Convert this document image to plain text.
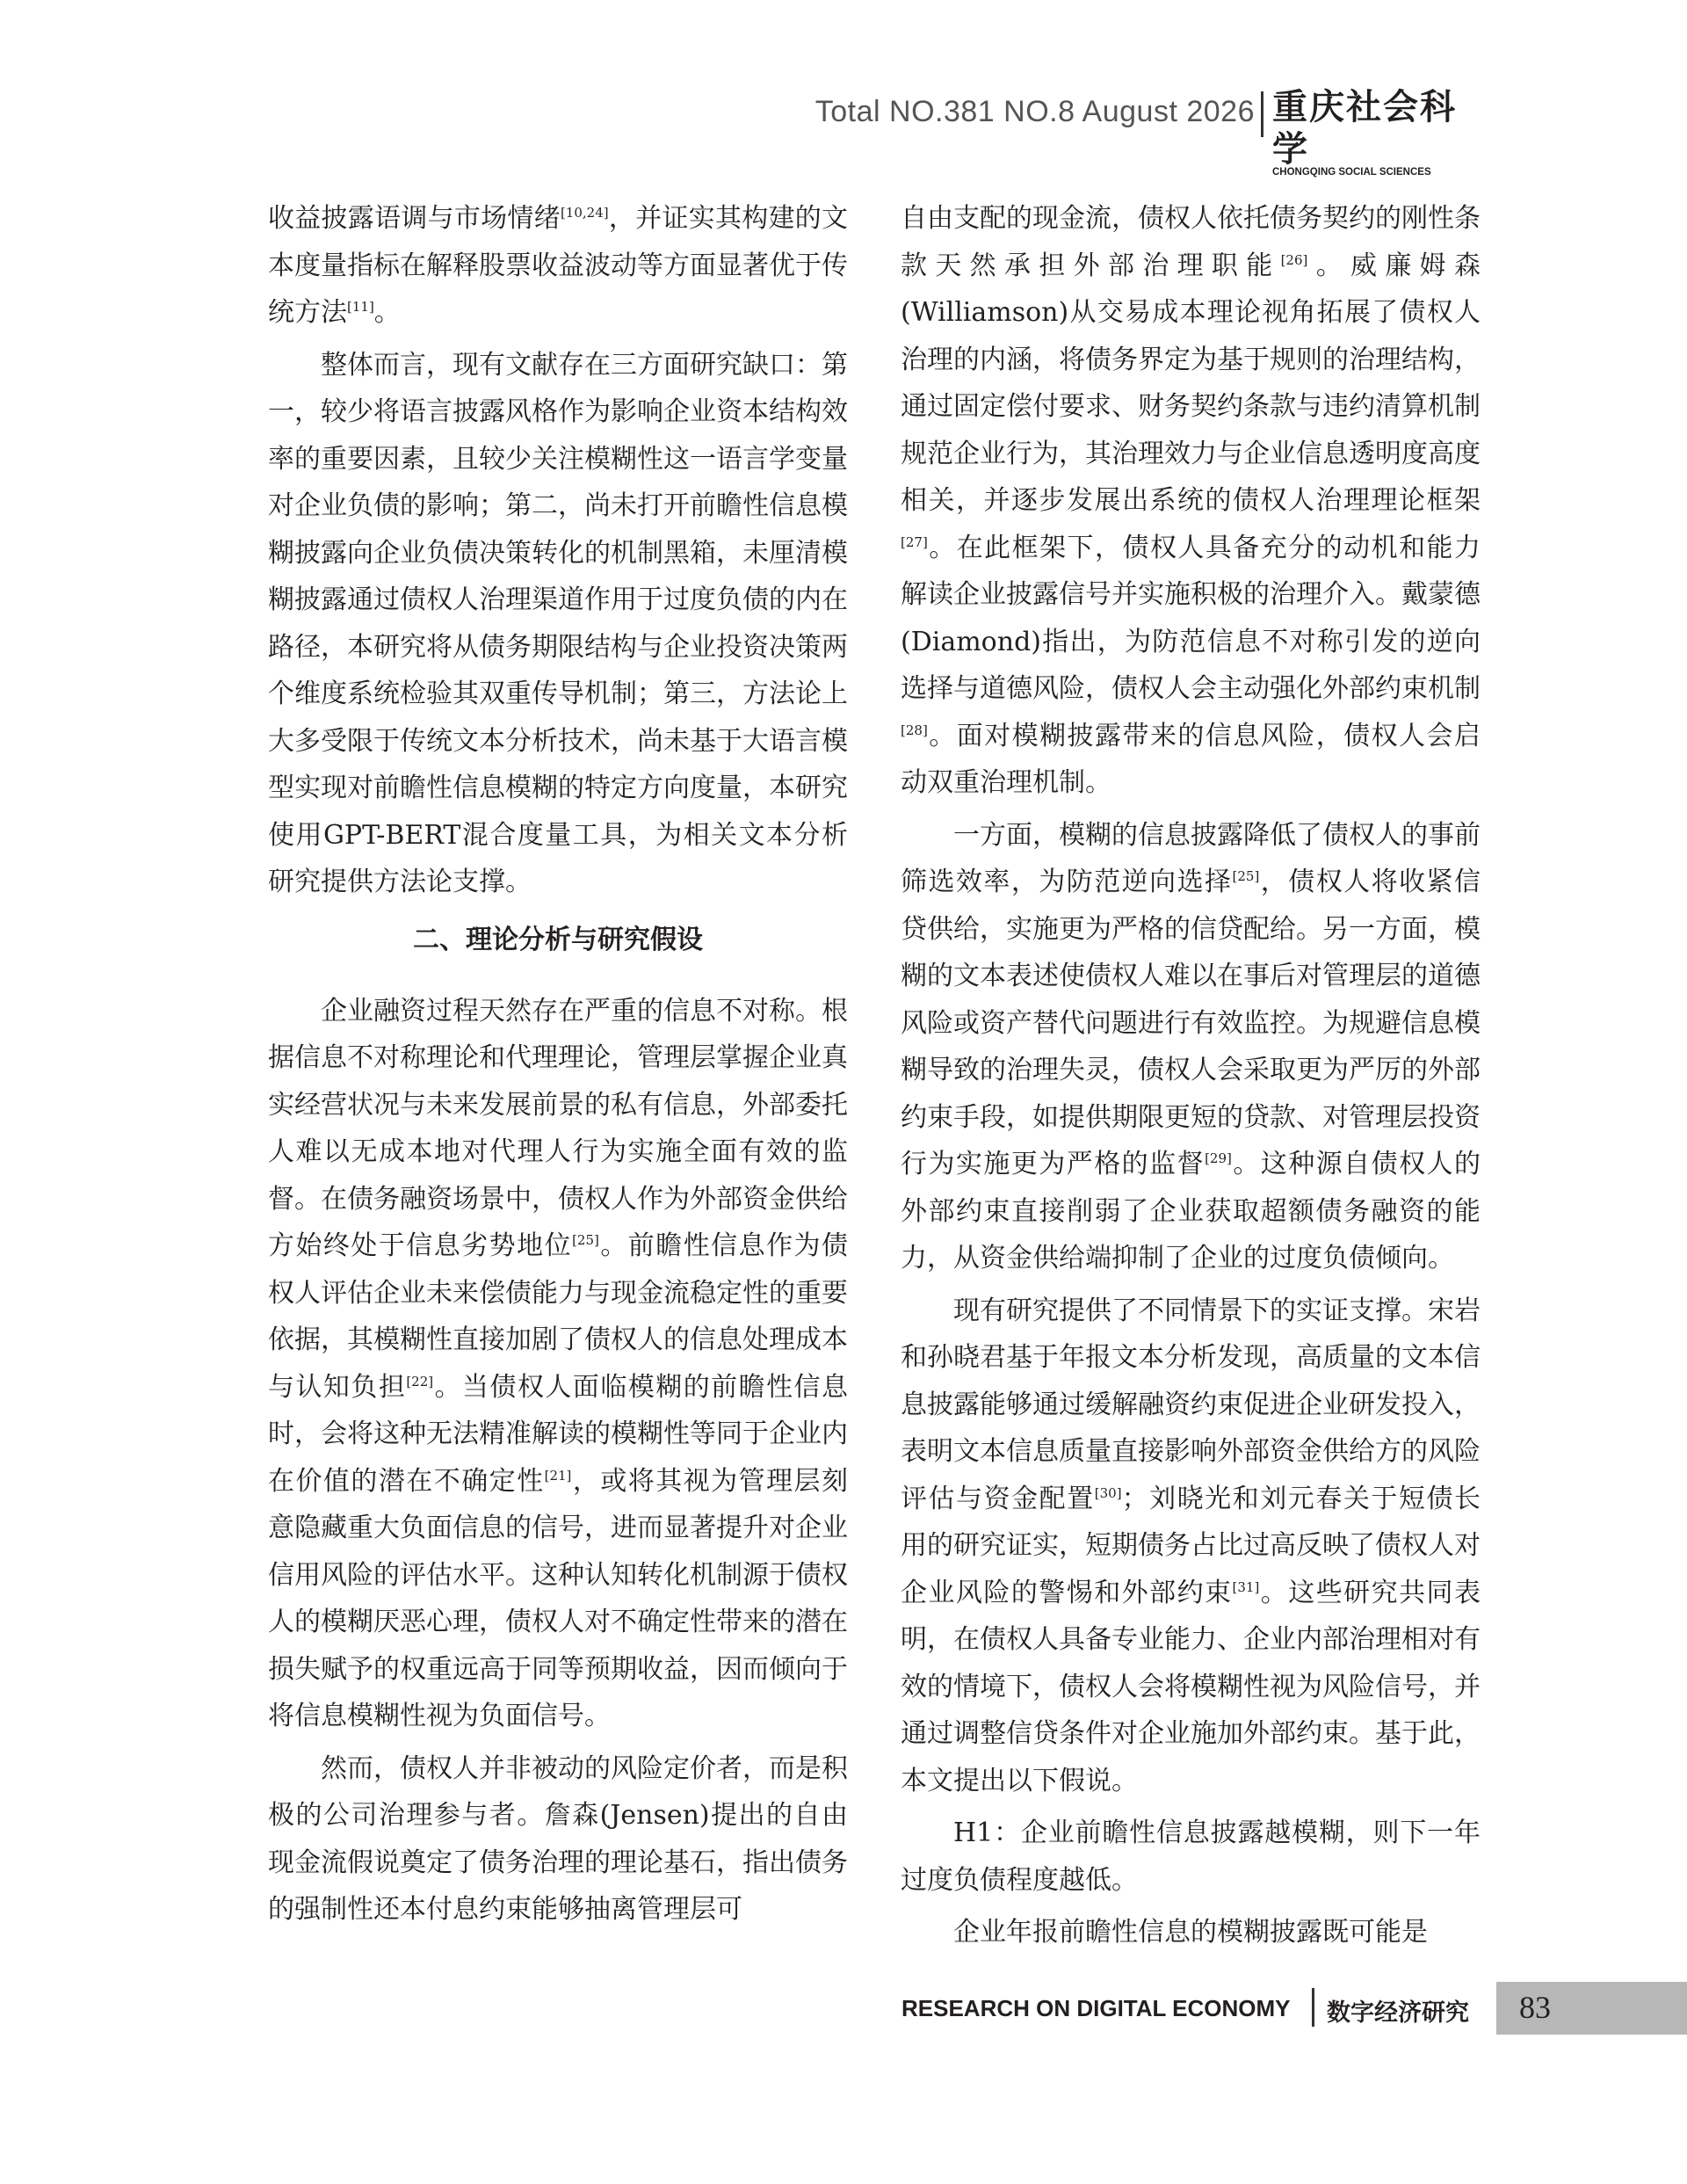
Total NO.381 NO.8 August 2026 重庆社会科学
CHONGQING SOCIAL SCIENCES

收益披露语调与市场情绪[10,24]，并证实其构建的文本度量指标在解释股票收益波动等方面显著优于传统方法[11]。

整体而言，现有文献存在三方面研究缺口：第一，较少将语言披露风格作为影响企业资本结构效率的重要因素，且较少关注模糊性这一语言学变量对企业负债的影响；第二，尚未打开前瞻性信息模糊披露向企业负债决策转化的机制黑箱，未厘清模糊披露通过债权人治理渠道作用于过度负债的内在路径，本研究将从债务期限结构与企业投资决策两个维度系统检验其双重传导机制；第三，方法论上大多受限于传统文本分析技术，尚未基于大语言模型实现对前瞻性信息模糊的特定方向度量，本研究使用GPT-BERT混合度量工具，为相关文本分析研究提供方法论支撑。

二、理论分析与研究假设

企业融资过程天然存在严重的信息不对称。根据信息不对称理论和代理理论，管理层掌握企业真实经营状况与未来发展前景的私有信息，外部委托人难以无成本地对代理人行为实施全面有效的监督。在债务融资场景中，债权人作为外部资金供给方始终处于信息劣势地位[25]。前瞻性信息作为债权人评估企业未来偿债能力与现金流稳定性的重要依据，其模糊性直接加剧了债权人的信息处理成本与认知负担[22]。当债权人面临模糊的前瞻性信息时，会将这种无法精准解读的模糊性等同于企业内在价值的潜在不确定性[21]，或将其视为管理层刻意隐藏重大负面信息的信号，进而显著提升对企业信用风险的评估水平。这种认知转化机制源于债权人的模糊厌恶心理，债权人对不确定性带来的潜在损失赋予的权重远高于同等预期收益，因而倾向于将信息模糊性视为负面信号。

然而，债权人并非被动的风险定价者，而是积极的公司治理参与者。詹森(Jensen)提出的自由现金流假说奠定了债务治理的理论基石，指出债务的强制性还本付息约束能够抽离管理层可

自由支配的现金流，债权人依托债务契约的刚性条款天然承担外部治理职能[26]。威廉姆森(Williamson)从交易成本理论视角拓展了债权人治理的内涵，将债务界定为基于规则的治理结构，通过固定偿付要求、财务契约条款与违约清算机制规范企业行为，其治理效力与企业信息透明度高度相关，并逐步发展出系统的债权人治理理论框架[27]。在此框架下，债权人具备充分的动机和能力解读企业披露信号并实施积极的治理介入。戴蒙德(Diamond)指出，为防范信息不对称引发的逆向选择与道德风险，债权人会主动强化外部约束机制[28]。面对模糊披露带来的信息风险，债权人会启动双重治理机制。

一方面，模糊的信息披露降低了债权人的事前筛选效率，为防范逆向选择[25]，债权人将收紧信贷供给，实施更为严格的信贷配给。另一方面，模糊的文本表述使债权人难以在事后对管理层的道德风险或资产替代问题进行有效监控。为规避信息模糊导致的治理失灵，债权人会采取更为严厉的外部约束手段，如提供期限更短的贷款、对管理层投资行为实施更为严格的监督[29]。这种源自债权人的外部约束直接削弱了企业获取超额债务融资的能力，从资金供给端抑制了企业的过度负债倾向。

现有研究提供了不同情景下的实证支撑。宋岩和孙晓君基于年报文本分析发现，高质量的文本信息披露能够通过缓解融资约束促进企业研发投入，表明文本信息质量直接影响外部资金供给方的风险评估与资金配置[30]；刘晓光和刘元春关于短债长用的研究证实，短期债务占比过高反映了债权人对企业风险的警惕和外部约束[31]。这些研究共同表明，在债权人具备专业能力、企业内部治理相对有效的情境下，债权人会将模糊性视为风险信号，并通过调整信贷条件对企业施加外部约束。基于此，本文提出以下假说。

H1：企业前瞻性信息披露越模糊，则下一年过度负债程度越低。

企业年报前瞻性信息的模糊披露既可能是

RESEARCH ON DIGITAL ECONOMY 数字经济研究 83
